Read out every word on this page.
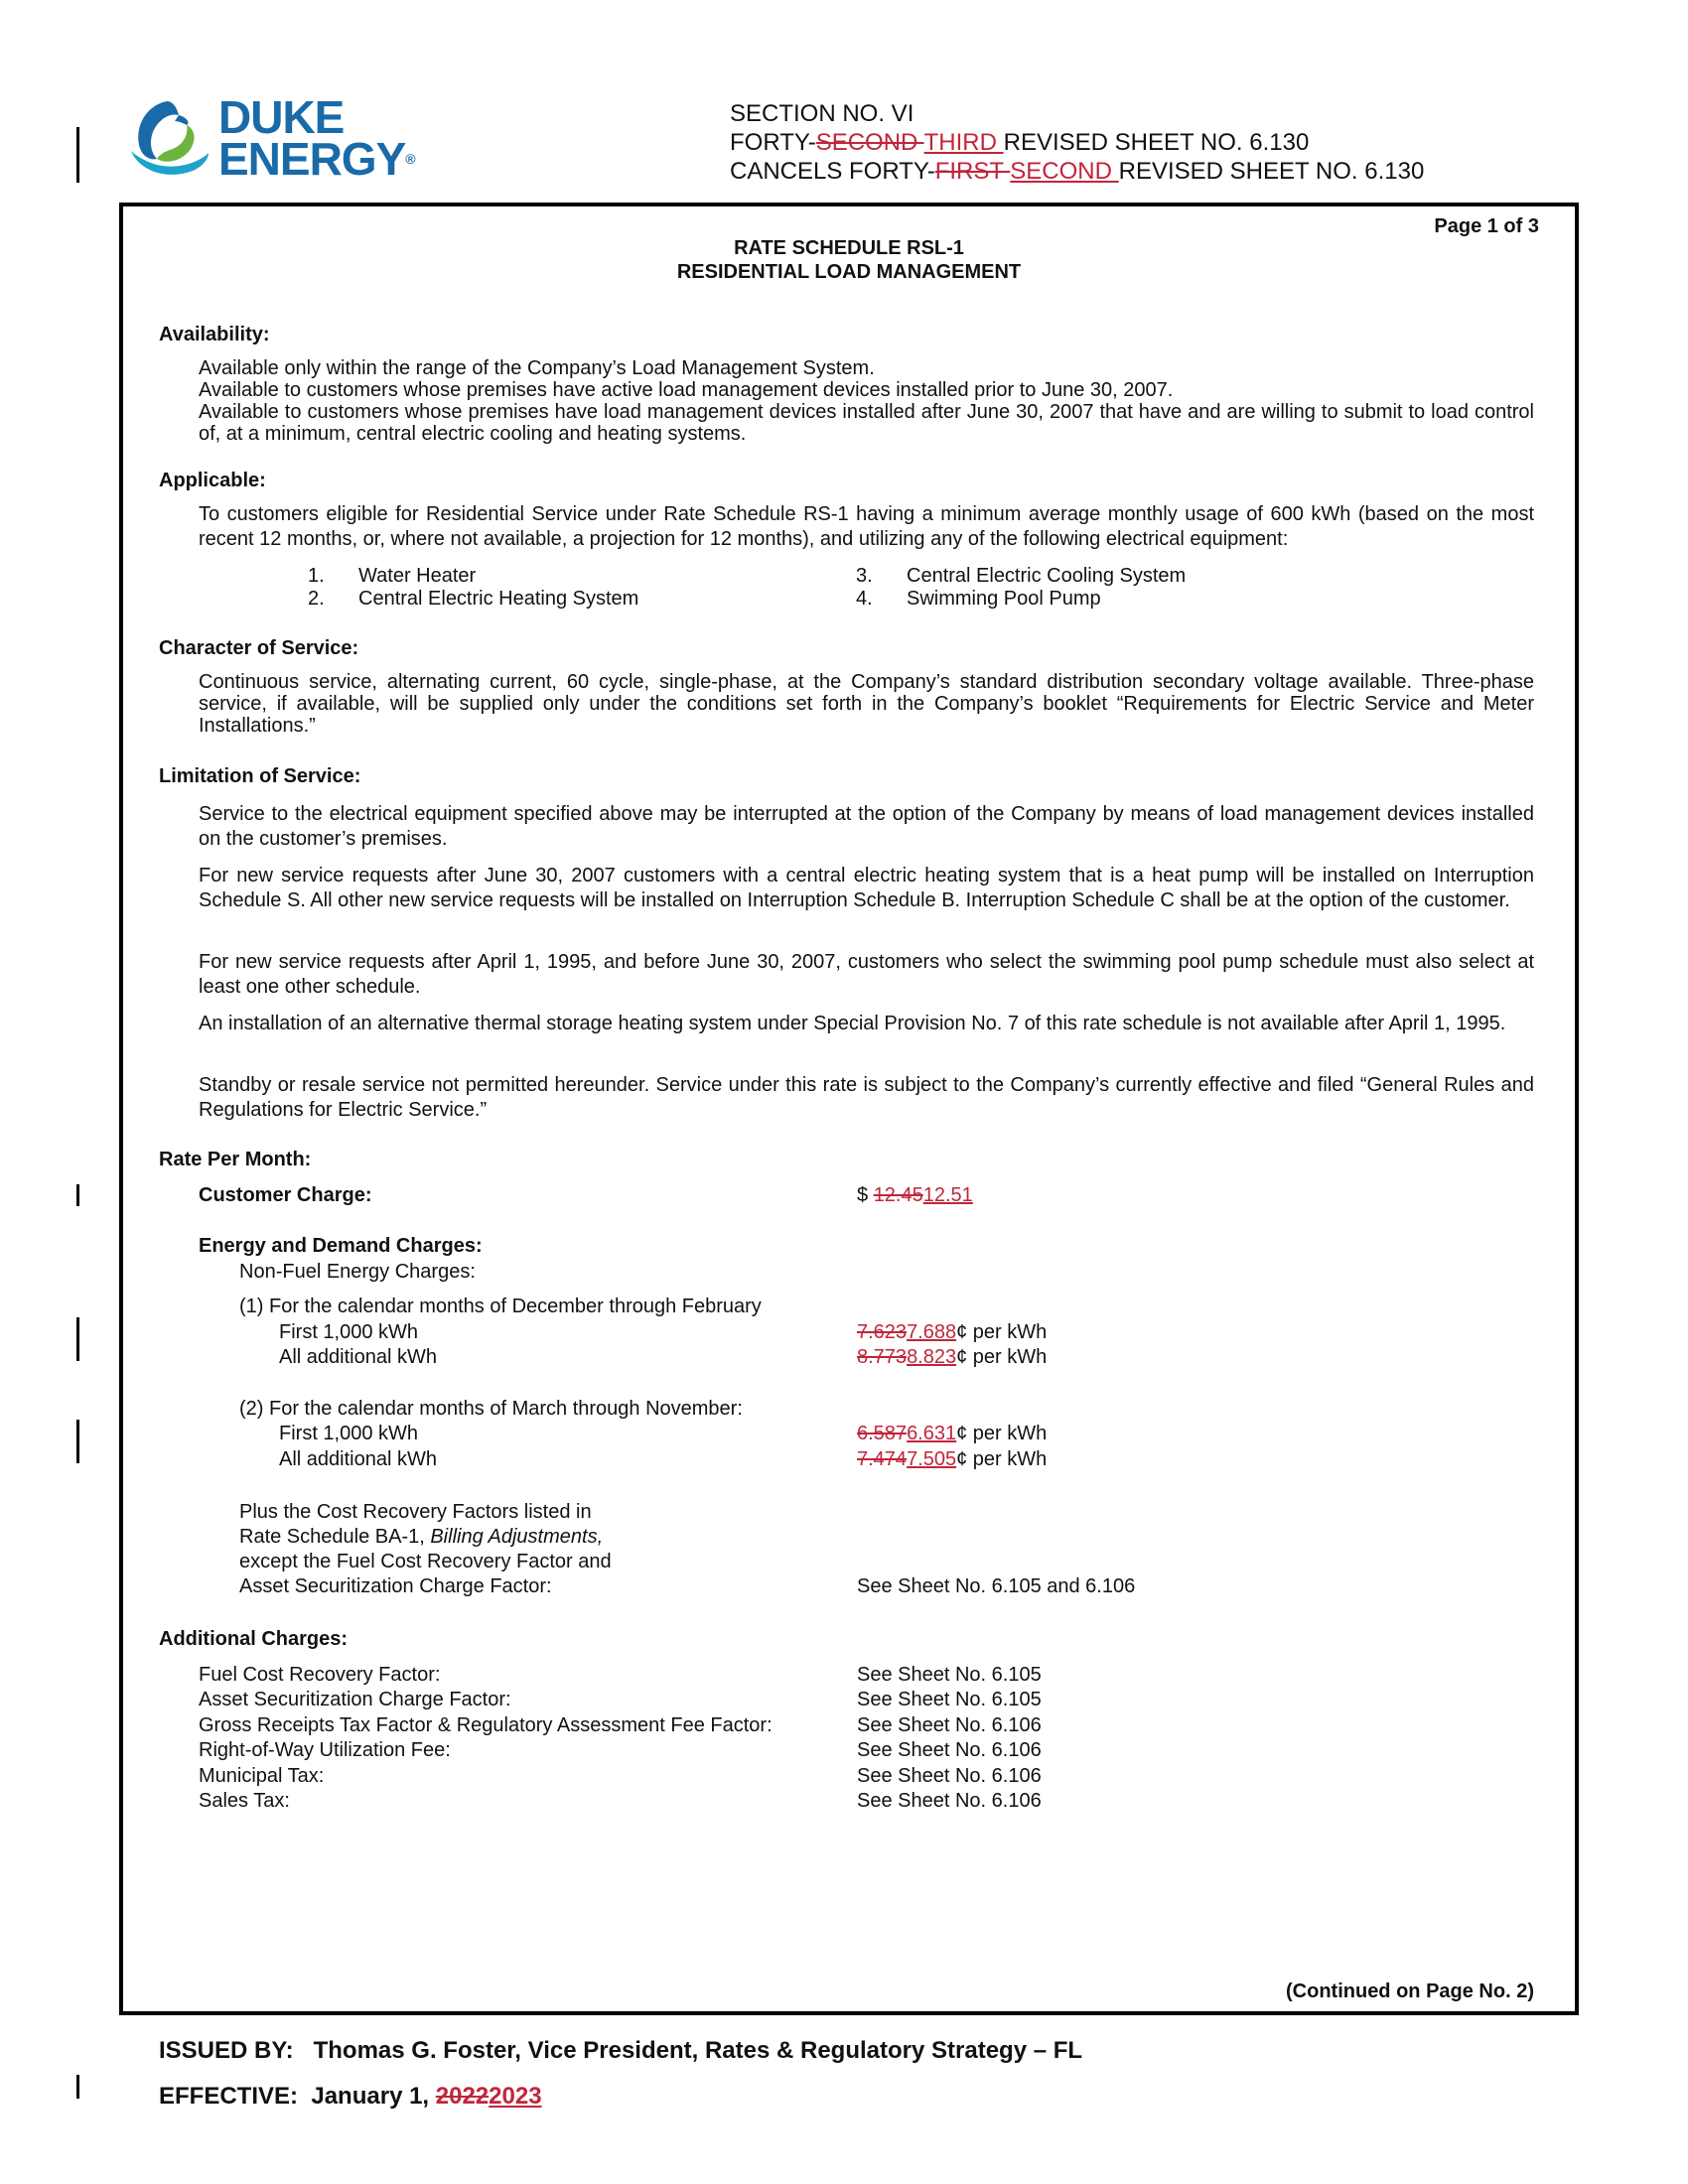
DUKE
ENERGY®
SECTION NO. VI
FORTY-SECOND THIRD REVISED SHEET NO. 6.130
CANCELS FORTY-FIRST SECOND REVISED SHEET NO. 6.130
Page 1 of 3
RATE SCHEDULE RSL-1
RESIDENTIAL LOAD MANAGEMENT
Availability:
Available only within the range of the Company’s Load Management System.
Available to customers whose premises have active load management devices installed prior to June 30, 2007.
Available to customers whose premises have load management devices installed after June 30, 2007 that have and are willing to submit to load control of, at a minimum, central electric cooling and heating systems.
Applicable:
To customers eligible for Residential Service under Rate Schedule RS-1 having a minimum average monthly usage of 600 kWh (based on the most recent 12 months, or, where not available, a projection for 12 months), and utilizing any of the following electrical equipment:
1. Water Heater
2. Central Electric Heating System
3. Central Electric Cooling System
4. Swimming Pool Pump
Character of Service:
Continuous service, alternating current, 60 cycle, single-phase, at the Company’s standard distribution secondary voltage available. Three-phase service, if available, will be supplied only under the conditions set forth in the Company’s booklet “Requirements for Electric Service and Meter Installations.”
Limitation of Service:
Service to the electrical equipment specified above may be interrupted at the option of the Company by means of load management devices installed on the customer’s premises.
For new service requests after June 30, 2007 customers with a central electric heating system that is a heat pump will be installed on Interruption Schedule S. All other new service requests will be installed on Interruption Schedule B. Interruption Schedule C shall be at the option of the customer.
For new service requests after April 1, 1995, and before June 30, 2007, customers who select the swimming pool pump schedule must also select at least one other schedule.
An installation of an alternative thermal storage heating system under Special Provision No. 7 of this rate schedule is not available after April 1, 1995.
Standby or resale service not permitted hereunder. Service under this rate is subject to the Company’s currently effective and filed “General Rules and Regulations for Electric Service.”
Rate Per Month:
Customer Charge:	$ 12.4512.51
Energy and Demand Charges:
Non-Fuel Energy Charges:
(1) For the calendar months of December through February
First 1,000 kWh	7.6237.688¢ per kWh
All additional kWh	8.7738.823¢ per kWh
(2) For the calendar months of March through November:
First 1,000 kWh	6.5876.631¢ per kWh
All additional kWh	7.4747.505¢ per kWh
Plus the Cost Recovery Factors listed in
Rate Schedule BA-1, Billing Adjustments,
except the Fuel Cost Recovery Factor and
Asset Securitization Charge Factor:	See Sheet No. 6.105 and 6.106
Additional Charges:
Fuel Cost Recovery Factor:	See Sheet No. 6.105
Asset Securitization Charge Factor:	See Sheet No. 6.105
Gross Receipts Tax Factor & Regulatory Assessment Fee Factor:	See Sheet No. 6.106
Right-of-Way Utilization Fee:	See Sheet No. 6.106
Municipal Tax:	See Sheet No. 6.106
Sales Tax:	See Sheet No. 6.106
(Continued on Page No. 2)
ISSUED BY: Thomas G. Foster, Vice President, Rates & Regulatory Strategy – FL
EFFECTIVE: January 1, 20222023
